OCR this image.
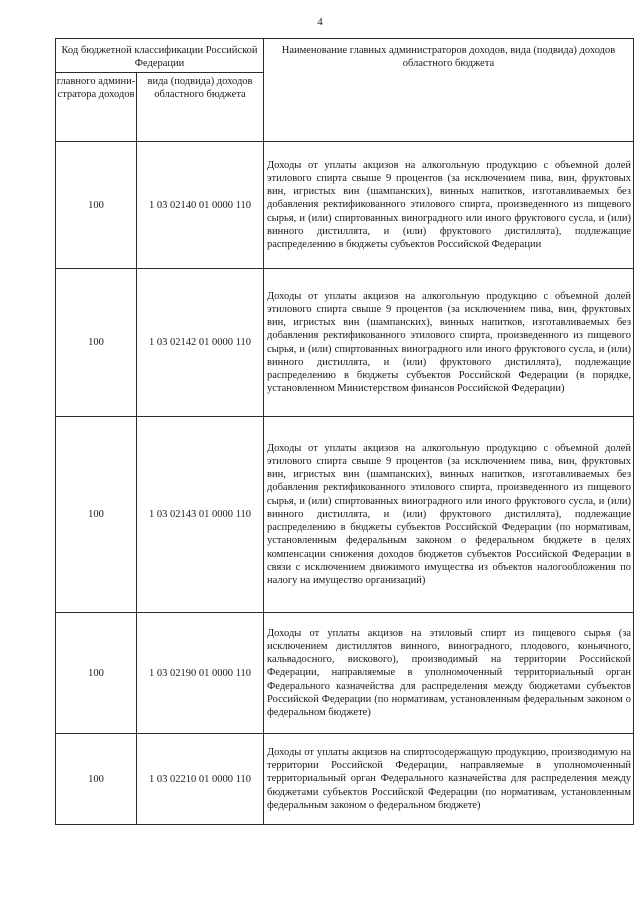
4
Код бюджетной классификации Российской Федерации		Наименование главных администраторов доходов, вида (подвида) доходов областного бюджета
главного админи-стратора доходов	вида (подвида) доходов областного бюджета	
100	1 03 02140 01 0000 110	Доходы от уплаты акцизов на алкогольную продукцию с объемной долей этилового спирта свыше 9 процентов (за исключением пива, вин, фруктовых вин, игристых вин (шампанских), винных напитков, изготавливаемых без добавления ректификованного этилового спирта, произведенного из пищевого сырья, и (или) спиртованных виноградного или иного фруктового сусла, и (или) винного дистиллята, и (или) фруктового дистиллята), подлежащие распределению в бюджеты субъектов Российской Федерации
100	1 03 02142 01 0000 110	Доходы от уплаты акцизов на алкогольную продукцию с объемной долей этилового спирта свыше 9 процентов (за исключением пива, вин, фруктовых вин, игристых вин (шампанских), винных напитков, изготавливаемых без добавления ректификованного этилового спирта, произведенного из пищевого сырья, и (или) спиртованных виноградного или иного фруктового сусла, и (или) винного дистиллята, и (или) фруктового дистиллята), подлежащие распределению в бюджеты субъектов Российской Федерации (в порядке, установленном Министерством финансов Российской Федерации)
100	1 03 02143 01 0000 110	Доходы от уплаты акцизов на алкогольную продукцию с объемной долей этилового спирта свыше 9 процентов (за исключением пива, вин, фруктовых вин, игристых вин (шампанских), винных напитков, изготавливаемых без добавления ректификованного этилового спирта, произведенного из пищевого сырья, и (или) спиртованных виноградного или иного фруктового сусла, и (или) винного дистиллята, и (или) фруктового дистиллята), подлежащие распределению в бюджеты субъектов Российской Федерации (по нормативам, установленным федеральным законом о федеральном бюджете в целях компенсации снижения доходов бюджетов субъектов Российской Федерации в связи с исключением движимого имущества из объектов налогообложения по налогу на имущество организаций)
100	1 03 02190 01 0000 110	Доходы от уплаты акцизов на этиловый спирт из пищевого сырья (за исключением дистиллятов винного, виноградного, плодового, коньячного, кальвадосного, вискового), производимый на территории Российской Федерации, направляемые в уполномоченный территориальный орган Федерального казначейства для распределения между бюджетами субъектов Российской Федерации (по нормативам, установленным федеральным законом о федеральном бюджете)
100	1 03 02210 01 0000 110	Доходы от уплаты акцизов на спиртосодержащую продукцию, производимую на территории Российской Федерации, направляемые в уполномоченный территориальный орган Федерального казначейства для распределения между бюджетами субъектов Российской Федерации (по нормативам, установленным федеральным законом о федеральном бюджете)
